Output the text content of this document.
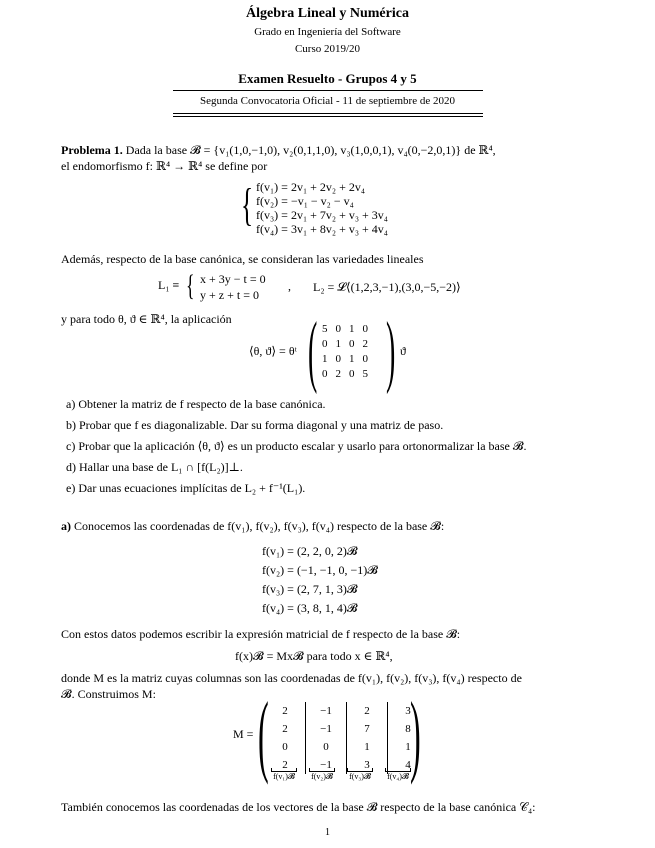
Álgebra Lineal y Numérica
Grado en Ingeniería del Software
Curso 2019/20
Examen Resuelto - Grupos 4 y 5
Segunda Convocatoria Oficial - 11 de septiembre de 2020
Problema 1. Dada la base 𝓑 = {v₁(1,0,−1,0), v₂(0,1,1,0), v₃(1,0,0,1), v₄(0,−2,0,1)} de ℝ⁴,
el endomorfismo f: ℝ⁴ → ℝ⁴ se define por
{ f(v₁) = 2v₁ + 2v₂ + 2v₄
f(v₂) = −v₁ − v₂ − v₄
f(v₃) = 2v₁ + 7v₂ + v₃ + 3v₄
f(v₄) = 3v₁ + 8v₂ + v₃ + 4v₄
Además, respecto de la base canónica, se consideran las variedades lineales
L₁ ≡ { x + 3y − t = 0
y + z + t = 0
, L₂ = 𝓛⟨(1,2,3,−1),(3,0,−5,−2)⟩
y para todo θ, ϑ ∈ ℝ⁴, la aplicación
⟨θ, ϑ⟩ = θᵗ ( 5	0	1	0
0	1	0	2
1	0	1	0
0	2	0	5 ) ϑ
a) Obtener la matriz de f respecto de la base canónica.
b) Probar que f es diagonalizable. Dar su forma diagonal y una matriz de paso.
c) Probar que la aplicación ⟨θ, ϑ⟩ es un producto escalar y usarlo para ortonormalizar la base 𝓑.
d) Hallar una base de L₁ ∩ [f(L₂)]⊥.
e) Dar unas ecuaciones implícitas de L₂ + f⁻¹(L₁).
a) Conocemos las coordenadas de f(v₁), f(v₂), f(v₃), f(v₄) respecto de la base 𝓑:
f(v₁) = (2, 2, 0, 2)𝓑
f(v₂) = (−1, −1, 0, −1)𝓑
f(v₃) = (2, 7, 1, 3)𝓑
f(v₄) = (3, 8, 1, 4)𝓑
Con estos datos podemos escribir la expresión matricial de f respecto de la base 𝓑:
f(x)𝓑 = Mx𝓑 para todo x ∈ ℝ⁴,
donde M es la matriz cuyas columnas son las coordenadas de f(v₁), f(v₂), f(v₃), f(v₄) respecto de
𝓑. Construimos M:
M = ( 2	−1	2	3
2	−1	7	8
0	0	1	1
2	−1	3	4 )
f(v₁)𝓑	f(v₂)𝓑	f(v₃)𝓑	f(v₄)𝓑
También conocemos las coordenadas de los vectores de la base 𝓑 respecto de la base canónica 𝒞₄:
1
